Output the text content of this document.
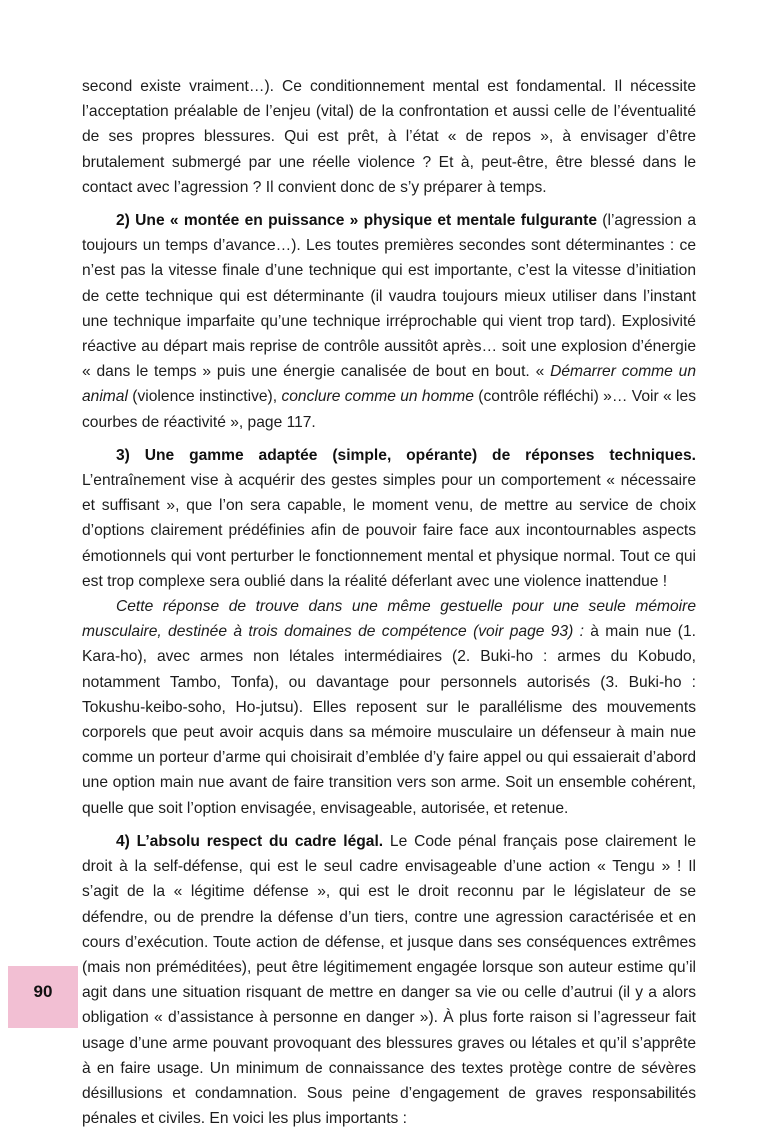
second existe vraiment…). Ce conditionnement mental est fondamental. Il nécessite l’acceptation préalable de l’enjeu (vital) de la confrontation et aussi celle de l’éventualité de ses propres blessures. Qui est prêt, à l’état « de repos », à envisager d’être brutalement submergé par une réelle violence ? Et à, peut-être, être blessé dans le contact avec l’agression ? Il convient donc de s’y préparer à temps.

2) Une « montée en puissance » physique et mentale fulgurante (l’agression a toujours un temps d’avance…). Les toutes premières secondes sont déterminantes : ce n’est pas la vitesse finale d’une technique qui est importante, c’est la vitesse d’initiation de cette technique qui est déterminante (il vaudra toujours mieux utiliser dans l’instant une technique imparfaite qu’une technique irréprochable qui vient trop tard). Explosivité réactive au départ mais reprise de contrôle aussitôt après… soit une explosion d’énergie « dans le temps » puis une énergie canalisée de bout en bout. « Démarrer comme un animal (violence instinctive), conclure comme un homme (contrôle réfléchi) »… Voir « les courbes de réactivité », page 117.

3) Une gamme adaptée (simple, opérante) de réponses techniques. L’entraînement vise à acquérir des gestes simples pour un comportement « nécessaire et suffisant », que l’on sera capable, le moment venu, de mettre au service de choix d’options clairement prédéfinies afin de pouvoir faire face aux incontournables aspects émotionnels qui vont perturber le fonctionnement mental et physique normal. Tout ce qui est trop complexe sera oublié dans la réalité déferlant avec une violence inattendue !

Cette réponse de trouve dans une même gestuelle pour une seule mémoire musculaire, destinée à trois domaines de compétence (voir page 93) : à main nue (1. Kara-ho), avec armes non létales intermédiaires (2. Buki-ho : armes du Kobudo, notamment Tambo, Tonfa), ou davantage pour personnels autorisés (3. Buki-ho : Tokushu-keibo-soho, Ho-jutsu). Elles reposent sur le parallélisme des mouvements corporels que peut avoir acquis dans sa mémoire musculaire un défenseur à main nue comme un porteur d’arme qui choisirait d’emblée d’y faire appel ou qui essaierait d’abord une option main nue avant de faire transition vers son arme. Soit un ensemble cohérent, quelle que soit l’option envisagée, envisageable, autorisée, et retenue.

4) L’absolu respect du cadre légal. Le Code pénal français pose clairement le droit à la self-défense, qui est le seul cadre envisageable d’une action « Tengu » ! Il s’agit de la « légitime défense », qui est le droit reconnu par le législateur de se défendre, ou de prendre la défense d’un tiers, contre une agression caractérisée et en cours d’exécution. Toute action de défense, et jusque dans ses conséquences extrêmes (mais non préméditées), peut être légitimement engagée lorsque son auteur estime qu’il agit dans une situation risquant de mettre en danger sa vie ou celle d’autrui (il y a alors obligation « d’assistance à personne en danger »). À plus forte raison si l’agresseur fait usage d’une arme pouvant provoquant des blessures graves ou létales et qu’il s’apprête à en faire usage. Un minimum de connaissance des textes protège contre de sévères désillusions et condamnation. Sous peine d’engagement de graves responsabilités pénales et civiles. En voici les plus importants :

90
